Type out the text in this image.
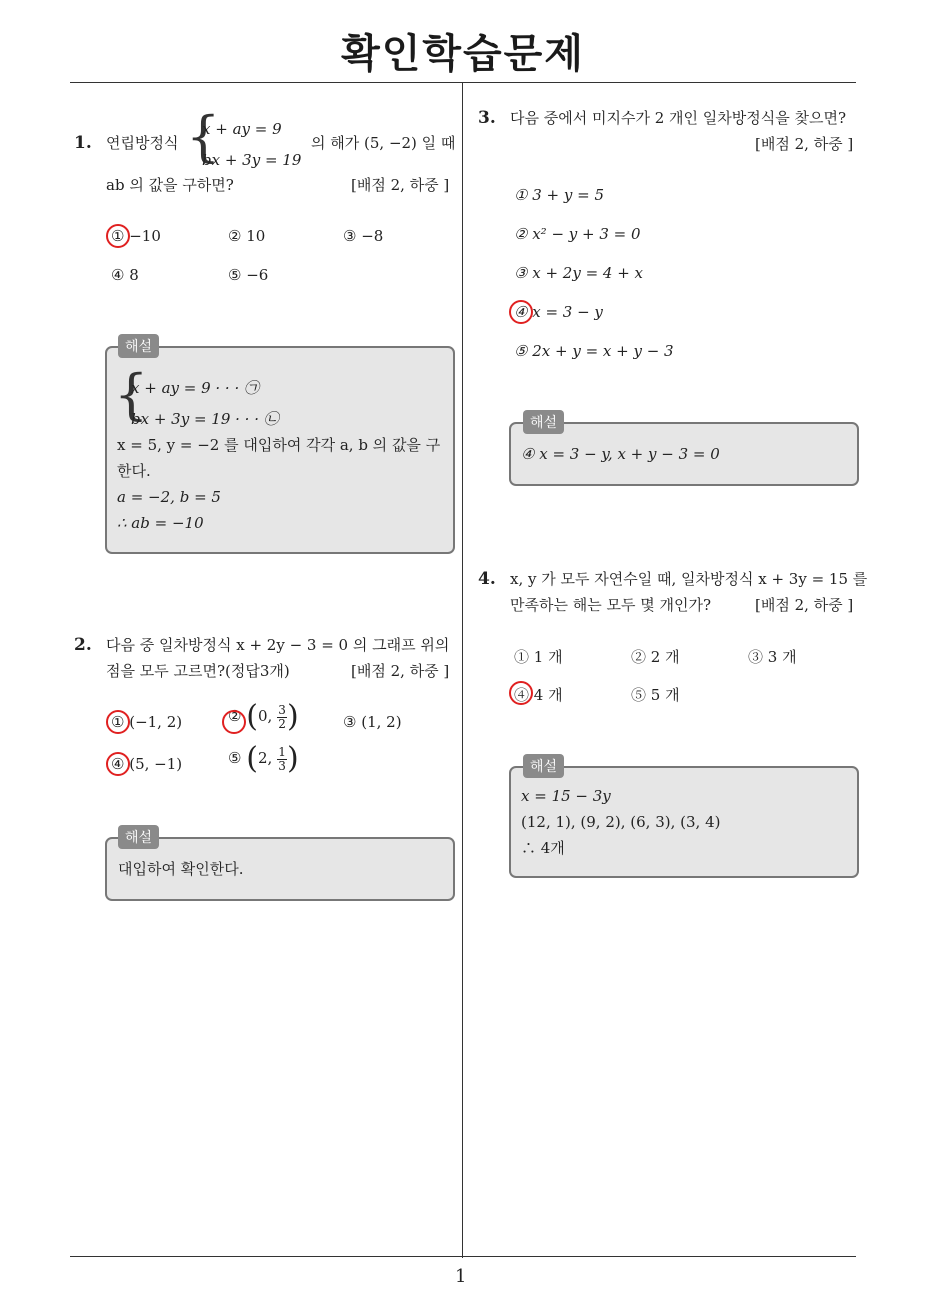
확인학습문제
1
1. 연립방정식 {
x + ay = 9
bx + 3y = 19
의 해가 (5, −2) 일 때
ab 의 값을 구하면?	[배점 2, 하중 ]
① −10	② 10	③ −8
④ 8	⑤ −6
해설
{
x + ay = 9 · · · ㉠
bx + 3y = 19 · · · ㉡
x = 5, y = −2 를 대입하여 각각 a, b 의 값을 구
한다.
a = −2, b = 5
∴ ab = −10
2. 다음 중 일차방정식 x + 2y − 3 = 0 의 그래프 위의
점을 모두 고르면?(정답3개)	[배점 2, 하중 ]
① (−1, 2)	② (0, $\frac{3}{2}$ )	③ (1, 2)
④ (5, −1)	⑤ (2, $\frac{1}{3}$ )
해설
대입하여 확인한다.
3. 다음 중에서 미지수가 2 개인 일차방정식을 찾으면?
[배점 2, 하중 ]
① 3 + y = 5
② x² − y + 3 = 0
③ x + 2y = 4 + x
④ x = 3 − y
⑤ 2x + y = x + y − 3
해설
④ x = 3 − y, x + y − 3 = 0
4. x, y 가 모두 자연수일 때, 일차방정식 x + 3y = 15 를
만족하는 해는 모두 몇 개인가?	[배점 2, 하중 ]
① 1 개	② 2 개	③ 3 개
④ 4 개	⑤ 5 개
해설
x = 15 − 3y
(12, 1), (9, 2), (6, 3), (3, 4)
∴ 4개
